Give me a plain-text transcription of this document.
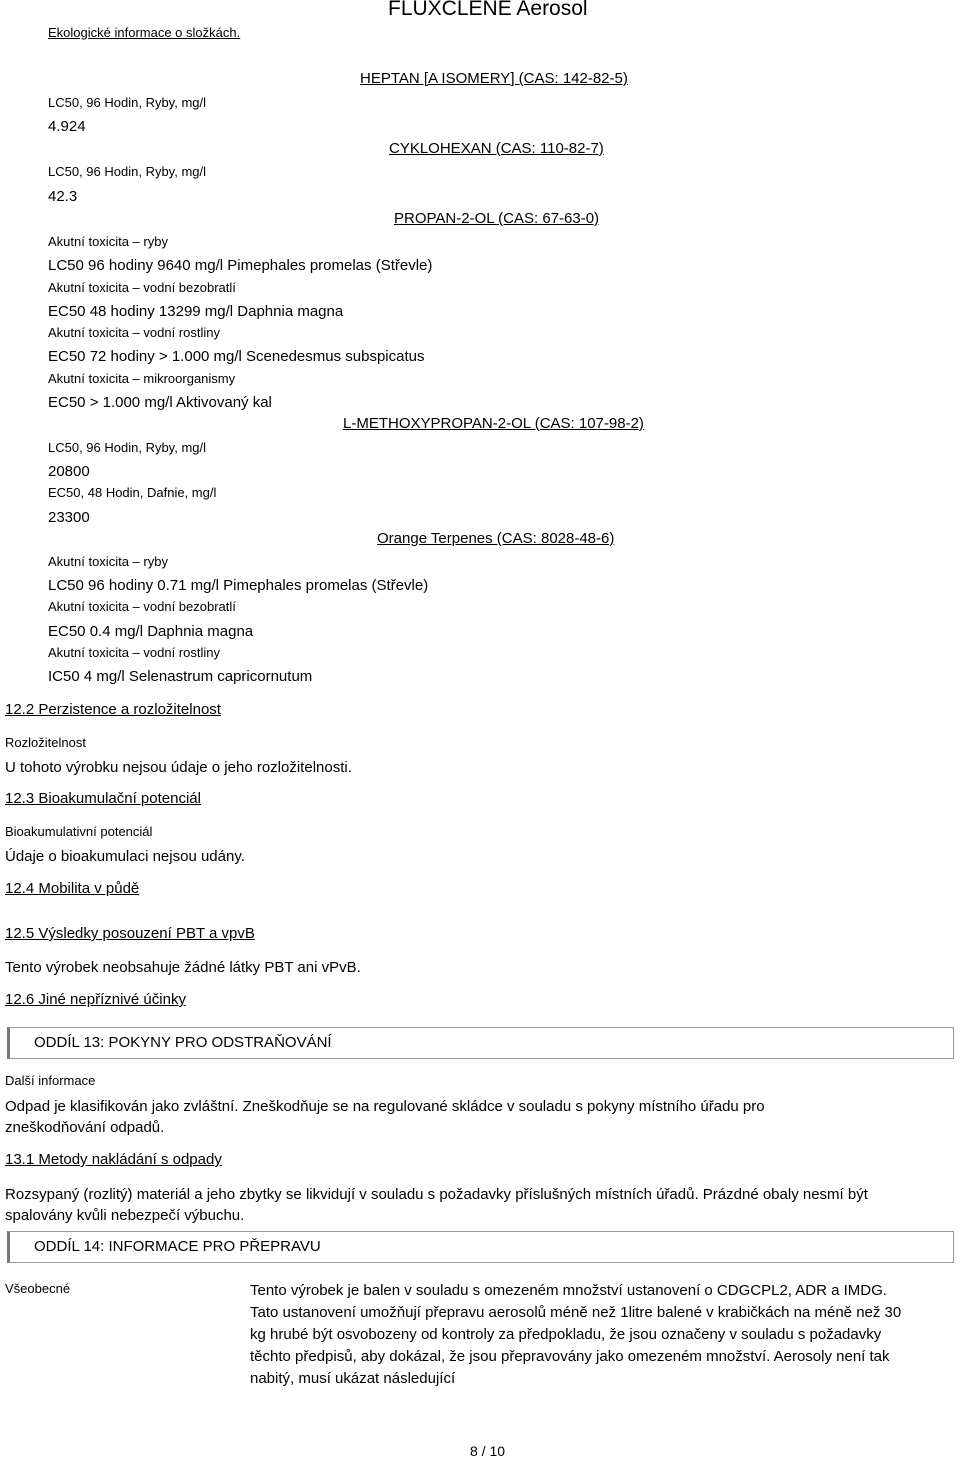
Ekologické informace o složkách.
FLUXCLENE Aerosol
HEPTAN [A ISOMERY] (CAS: 142-82-5)
LC50, 96 Hodin, Ryby, mg/l
4.924
CYKLOHEXAN (CAS: 110-82-7)
LC50, 96 Hodin, Ryby, mg/l
42.3
PROPAN-2-OL (CAS: 67-63-0)
Akutní toxicita – ryby
LC50 96 hodiny 9640 mg/l Pimephales promelas (Střevle)
Akutní toxicita – vodní bezobratlí
EC50 48 hodiny 13299 mg/l Daphnia magna
Akutní toxicita – vodní rostliny
EC50 72 hodiny > 1.000 mg/l Scenedesmus subspicatus
Akutní toxicita – mikroorganismy
EC50 > 1.000 mg/l Aktivovaný kal
L-METHOXYPROPAN-2-OL (CAS: 107-98-2)
LC50, 96 Hodin, Ryby, mg/l
20800
EC50, 48 Hodin, Dafnie, mg/l
23300
Orange Terpenes (CAS: 8028-48-6)
Akutní toxicita – ryby
LC50 96 hodiny 0.71 mg/l Pimephales promelas (Střevle)
Akutní toxicita – vodní bezobratlí
EC50 0.4 mg/l Daphnia magna
Akutní toxicita – vodní rostliny
IC50 4 mg/l Selenastrum capricornutum
12.2 Perzistence a rozložitelnost
Rozložitelnost
U tohoto výrobku nejsou údaje o jeho rozložitelnosti.
12.3 Bioakumulační potenciál
Bioakumulativní potenciál
Údaje o bioakumulaci nejsou udány.
12.4 Mobilita v půdě
12.5 Výsledky posouzení PBT a vpvB
Tento výrobek neobsahuje žádné látky PBT ani vPvB.
12.6 Jiné nepříznivé účinky
ODDÍL 13: POKYNY PRO ODSTRAŇOVÁNÍ
Další informace
Odpad je klasifikován jako zvláštní. Zneškodňuje se na regulované skládce v souladu s pokyny místního úřadu pro zneškodňování odpadů.
13.1 Metody nakládání s odpady
Rozsypaný (rozlitý) materiál a jeho zbytky se likvidují v souladu s požadavky příslušných místních úřadů. Prázdné obaly nesmí být spalovány kvůli nebezpečí výbuchu.
ODDÍL 14: INFORMACE PRO PŘEPRAVU
Všeobecné	Tento výrobek je balen v souladu s omezeném množství ustanovení o CDGCPL2, ADR a IMDG. Tato ustanovení umožňují přepravu aerosolů méně než 1litre balené v krabičkách na méně než 30 kg hrubé být osvobozeny od kontroly za předpokladu, že jsou označeny v souladu s požadavky těchto předpisů, aby dokázal, že jsou přepravovány jako omezeném množství. Aerosoly není tak nabitý, musí ukázat následující
8 / 10
